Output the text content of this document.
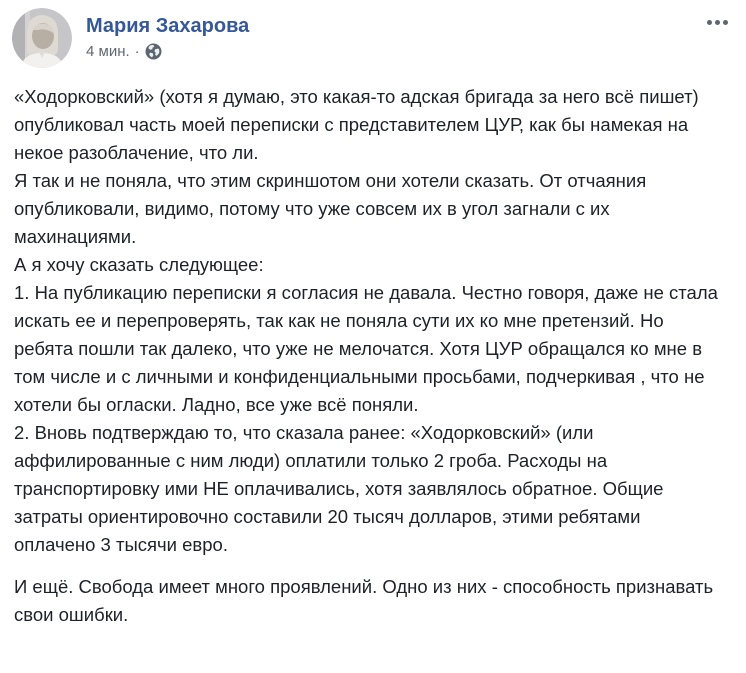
Мария Захарова
4 мин. ·

«Ходорковский» (хотя я думаю, это какая-то адская бригада за него всё пишет) опубликовал часть моей переписки с представителем ЦУР, как бы намекая на некое разоблачение, что ли.

Я так и не поняла, что этим скриншотом они хотели сказать. От отчаяния опубликовали, видимо, потому что уже совсем их в угол загнали с их махинациями.

А я хочу сказать следующее:

1. На публикацию переписки я согласия не давала. Честно говоря, даже не стала искать ее и перепроверять, так как не поняла сути их ко мне претензий. Но ребята пошли так далеко, что уже не мелочатся. Хотя ЦУР обращался ко мне в том числе и с личными и конфиденциальными просьбами, подчеркивая , что не хотели бы огласки. Ладно, все уже всё поняли.

2. Вновь подтверждаю то, что сказала ранее: «Ходорковский» (или аффилированные с ним люди) оплатили только 2 гроба. Расходы на транспортировку ими НЕ оплачивались, хотя заявлялось обратное. Общие затраты ориентировочно составили 20 тысяч долларов, этими ребятами оплачено 3 тысячи евро.

И ещё. Свобода имеет много проявлений. Одно из них - способность признавать свои ошибки.
